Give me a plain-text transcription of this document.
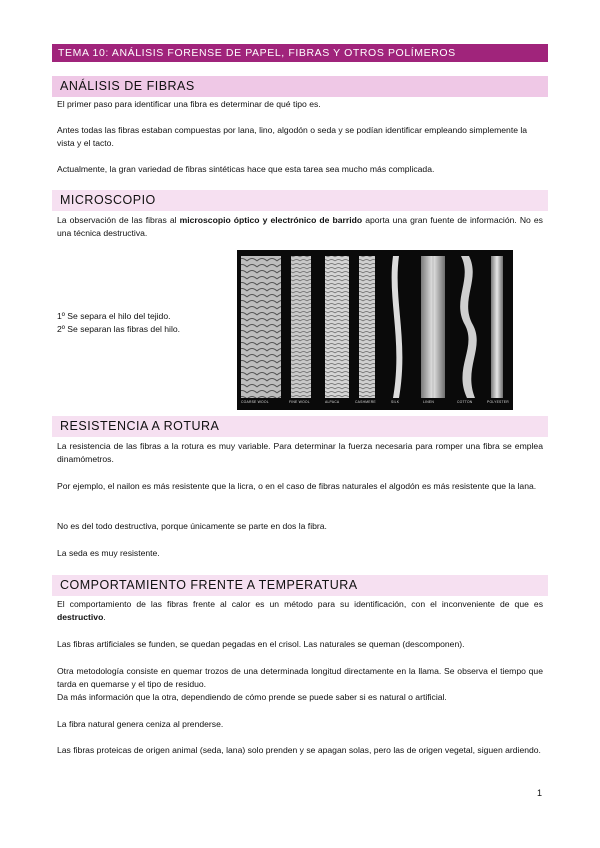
TEMA 10: ANÁLISIS FORENSE DE PAPEL, FIBRAS Y OTROS POLÍMEROS
ANÁLISIS DE FIBRAS

El primer paso para identificar una fibra es determinar de qué tipo es.

Antes todas las fibras estaban compuestas por lana, lino, algodón o seda y se podían identificar empleando simplemente la vista y el tacto.

Actualmente, la gran variedad de fibras sintéticas hace que esta tarea sea mucho más complicada.

MICROSCOPIO

La observación de las fibras al microscopio óptico y electrónico de barrido aporta una gran fuente de información. No es una técnica destructiva.

1º Se separa el hilo del tejido.
2º Se separan las fibras del hilo.
COARSE WOOL	FINE WOOL	ALPACA	CASHMERE	SILK	LINEN	COTTON	POLYESTER
RESISTENCIA A ROTURA

La resistencia de las fibras a la rotura es muy variable. Para determinar la fuerza necesaria para romper una fibra se emplea dinamómetros.

Por ejemplo, el nailon es más resistente que la licra, o en el caso de fibras naturales el algodón es más resistente que la lana.

No es del todo destructiva, porque únicamente se parte en dos la fibra.

La seda es muy resistente.

COMPORTAMIENTO FRENTE A TEMPERATURA

El comportamiento de las fibras frente al calor es un método para su identificación, con el inconveniente de que es destructivo.

Las fibras artificiales se funden, se quedan pegadas en el crisol. Las naturales se queman (descomponen).

Otra metodología consiste en quemar trozos de una determinada longitud directamente en la llama. Se observa el tiempo que tarda en quemarse y el tipo de residuo.

Da más información que la otra, dependiendo de cómo prende se puede saber si es natural o artificial.

La fibra natural genera ceniza al prenderse.

Las fibras proteicas de origen animal (seda, lana) solo prenden y se apagan solas, pero las de origen vegetal, siguen ardiendo.

1
